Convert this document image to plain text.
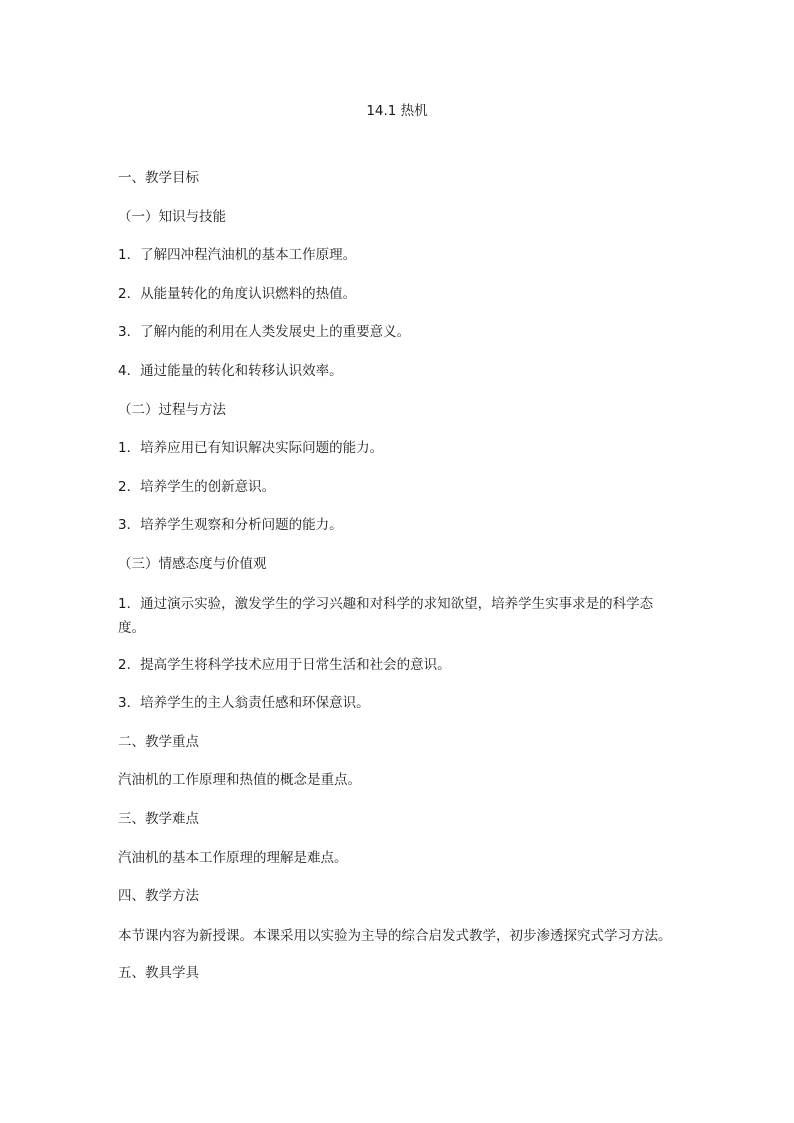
14.1 热机
一、教学目标
（一）知识与技能
1．了解四冲程汽油机的基本工作原理。
2．从能量转化的角度认识燃料的热值。
3．了解内能的利用在人类发展史上的重要意义。
4．通过能量的转化和转移认识效率。
（二）过程与方法
1．培养应用已有知识解决实际问题的能力。
2．培养学生的创新意识。
3．培养学生观察和分析问题的能力。
（三）情感态度与价值观
1．通过演示实验，激发学生的学习兴趣和对科学的求知欲望，培养学生实事求是的科学态度。
2．提高学生将科学技术应用于日常生活和社会的意识。
3．培养学生的主人翁责任感和环保意识。
二、教学重点
汽油机的工作原理和热值的概念是重点。
三、教学难点
汽油机的基本工作原理的理解是难点。
四、教学方法
本节课内容为新授课。本课采用以实验为主导的综合启发式教学，初步渗透探究式学习方法。
五、教具学具
